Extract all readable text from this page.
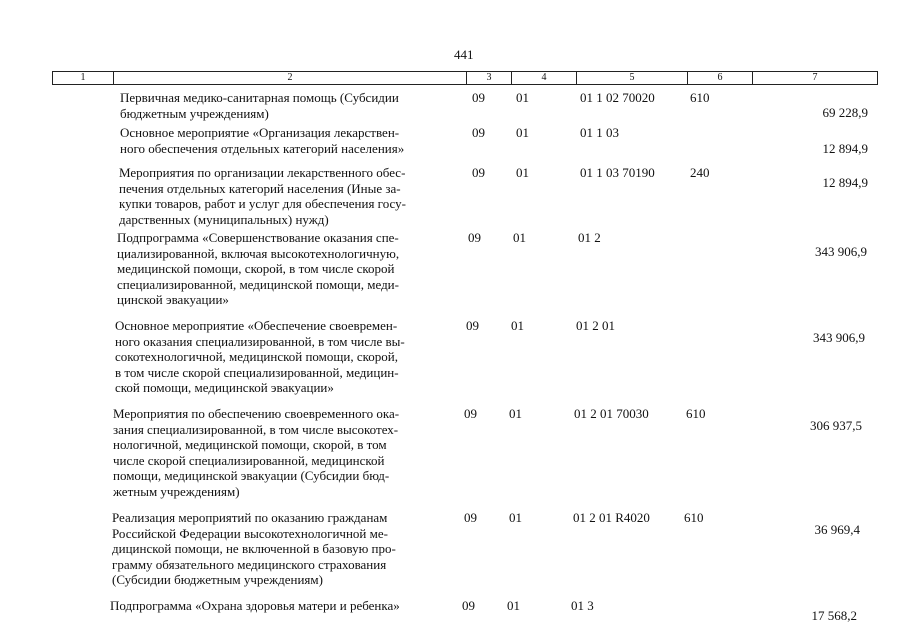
441
1	2	3	4	5	6	7
Первичная медико-санитарная помощь (Субсидии
бюджетным учреждениям)
09 01	01 1 02 70020	610
69 228,9
Основное мероприятие «Организация лекарствен-
ного обеспечения отдельных категорий населения»
09 01	01 1 03
12 894,9
Мероприятия по организации лекарственного обес-
печения отдельных категорий населения (Иные за-
купки товаров, работ и услуг для обеспечения госу-
дарственных (муниципальных) нужд)
09 01	01 1 03 70190	240
12 894,9
Подпрограмма «Совершенствование оказания спе-
циализированной, включая высокотехнологичную,
медицинской помощи, скорой, в том числе скорой
специализированной, медицинской помощи, меди-
цинской эвакуации»
09 01	01 2
343 906,9
Основное мероприятие «Обеспечение своевремен-
ного оказания специализированной, в том числе вы-
сокотехнологичной, медицинской помощи, скорой,
в том числе скорой специализированной, медицин-
ской помощи, медицинской эвакуации»
09 01	01 2 01
343 906,9
Мероприятия по обеспечению своевременного ока-
зания специализированной, в том числе высокотех-
нологичной, медицинской помощи, скорой, в том
числе скорой специализированной, медицинской
помощи, медицинской эвакуации (Субсидии бюд-
жетным учреждениям)
09 01	01 2 01 70030	610
306 937,5
Реализация мероприятий по оказанию гражданам
Российской Федерации высокотехнологичной ме-
дицинской помощи, не включенной в базовую про-
грамму обязательного медицинского страхования
(Субсидии бюджетным учреждениям)
09 01	01 2 01 R4020	610
36 969,4
Подпрограмма «Охрана здоровья матери и ребенка»	09 01	01 3
17 568,2
